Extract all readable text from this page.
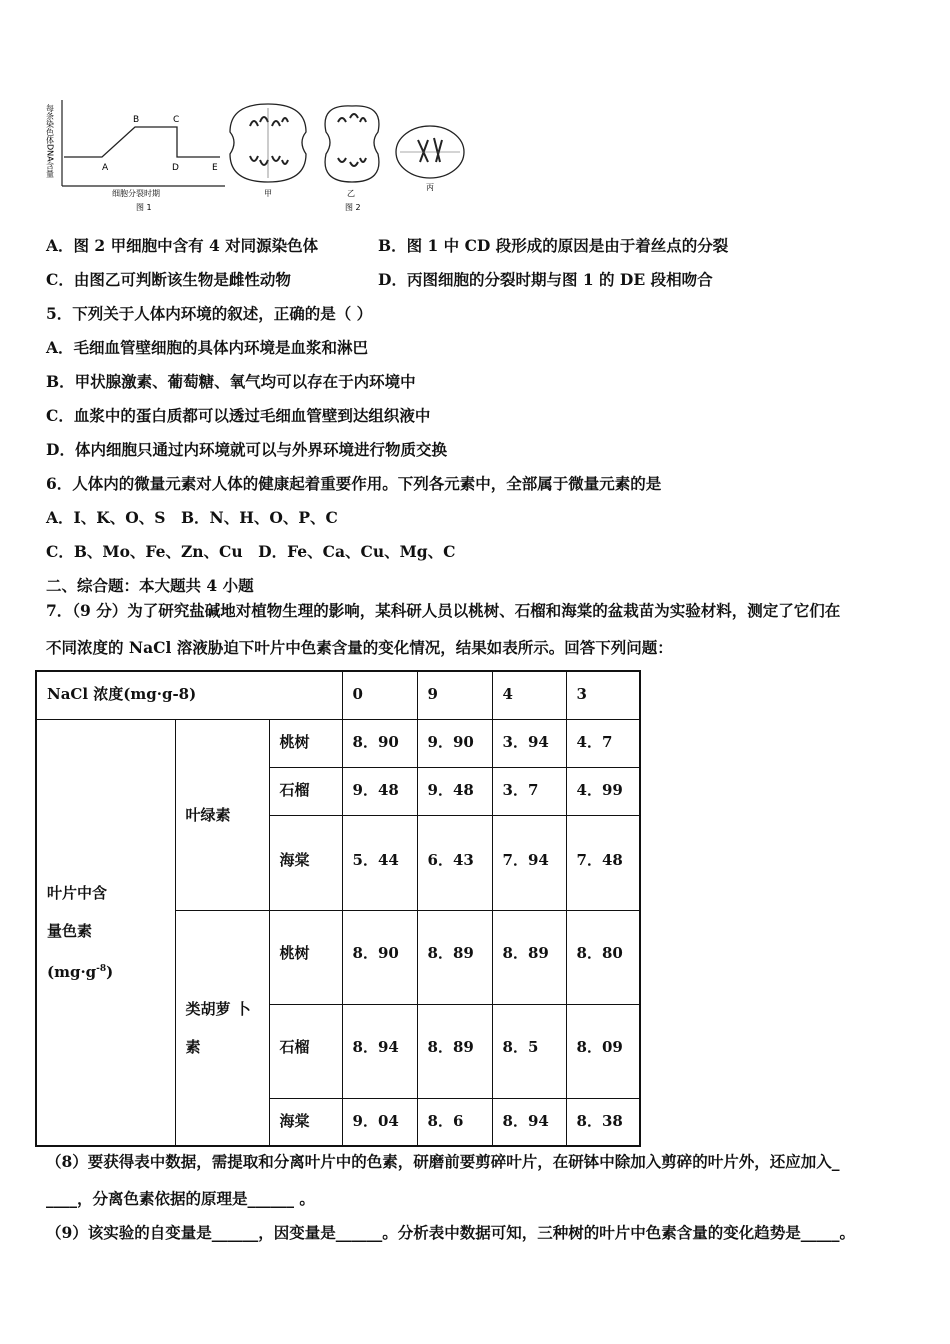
每条染色体DNA含量	A
B	C
D	E
细胞分裂时期
图 1
甲	乙
图 2
丙
A．图 2 甲细胞中含有 4 对同源染色体	B．图 1 中 CD 段形成的原因是由于着丝点的分裂
C．由图乙可判断该生物是雌性动物	D．丙图细胞的分裂时期与图 1 的 DE 段相吻合
5．下列关于人体内环境的叙述，正确的是（ ）
A．毛细血管壁细胞的具体内环境是血浆和淋巴
B．甲状腺激素、葡萄糖、氧气均可以存在于内环境中
C．血浆中的蛋白质都可以透过毛细血管壁到达组织液中
D．体内细胞只通过内环境就可以与外界环境进行物质交换
6．人体内的微量元素对人体的健康起着重要作用。下列各元素中，全部属于微量元素的是
A．I、K、O、S　B．N、H、O、P、C
C．B、Mo、Fe、Zn、Cu　D．Fe、Ca、Cu、Mg、C
二、综合题：本大题共 4 小题
7．（9 分）为了研究盐碱地对植物生理的影响，某科研人员以桃树、石榴和海棠的盆栽苗为实验材料，测定了它们在
不同浓度的 NaCl 溶液胁迫下叶片中色素含量的变化情况，结果如表所示。回答下列问题：
NaCl 浓度(mg·g-8)			0	9	4	3

叶片中含
量色素
$(mg\cdot g^{-8})$	叶绿素	桃树	8．90	9．90	3．94	4．7
		石榴	9．48	9．48	3．7	4．99
		海棠	5．44	6．43	7．94	7．48

	类胡萝 卜
素	桃树	8．90	8．89	8．89	8．80
		石榴	8．94	8．89	8．5	8．09
		海棠	9．04	8．6	8．94	8．38
（8）要获得表中数据，需提取和分离叶片中的色素，研磨前要剪碎叶片，在研钵中除加入剪碎的叶片外，还应加入_
____，分离色素依据的原理是______ 。
（9）该实验的自变量是______，因变量是______。分析表中数据可知，三种树的叶片中色素含量的变化趋势是_____。
